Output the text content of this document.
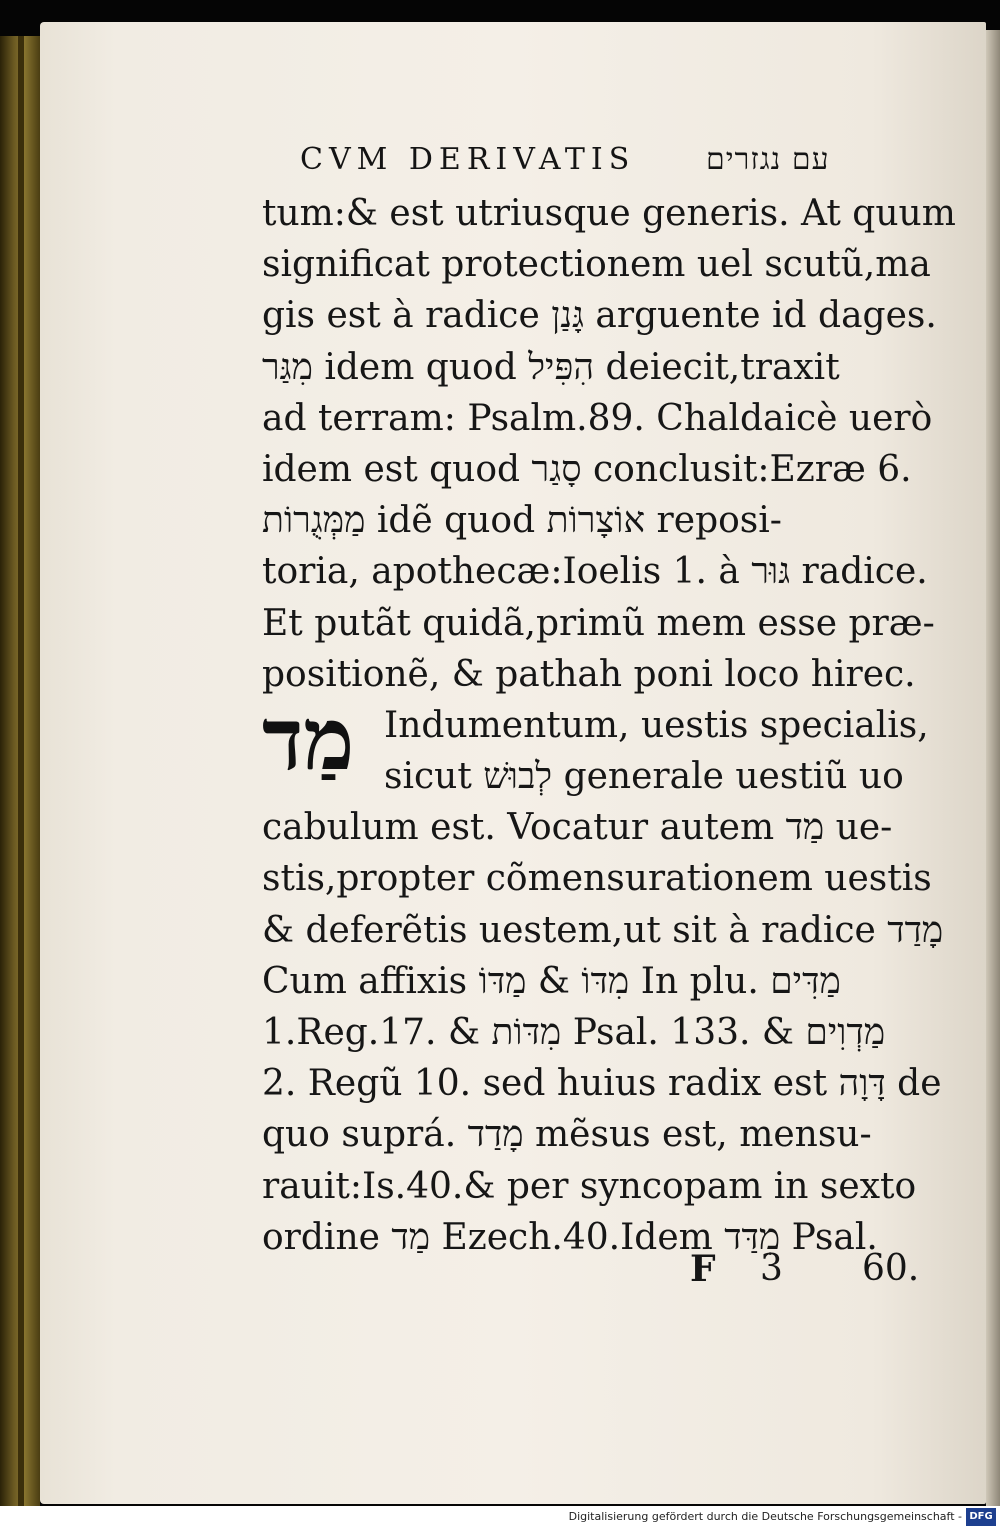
CVM DERIVATIS עם נגזרים
tum:& est utriusque generis. At quum
significat protectionem uel scutũ,ma
gis est à radice גָּנַן arguente id dages.
מִגַּר idem quod הִפִּיל deiecit,traxit
ad terram: Psalm.89. Chaldaicè uerò
idem est quod סָגַר conclusit:Ezræ 6.
מַמְּגֻרוֹת idẽ quod אוֹצָרוֹת reposi-
toria, apothecæ:Ioelis 1. à גּוּר radice.
Et putãt quidã,primũ mem esse præ-
positionẽ, & pathah poni loco hirec.
Indumentum, uestis specialis,
sicut לְבוּשׁ generale uestiũ uo
cabulum est. Vocatur autem מַד ue-
stis,propter cõmensurationem uestis
& deferẽtis uestem,ut sit à radice מָדַד
Cum affixis מִדּוֹ & מַדּוֹ In plu. מַדִּים
1.Reg.17. & מִדּוֹת Psal. 133. & מַדְוִים
2. Regũ 10. sed huius radix est דָּוָה de
quo suprá. מָדַד mẽsus est, mensu-
rauit:Is.40.& per syncopam in sexto
ordine מַד Ezech.40.Idem מִדַּד Psal.
מַד
F 3 60.
Digitalisierung gefördert durch die Deutsche Forschungsgemeinschaft - DFG
